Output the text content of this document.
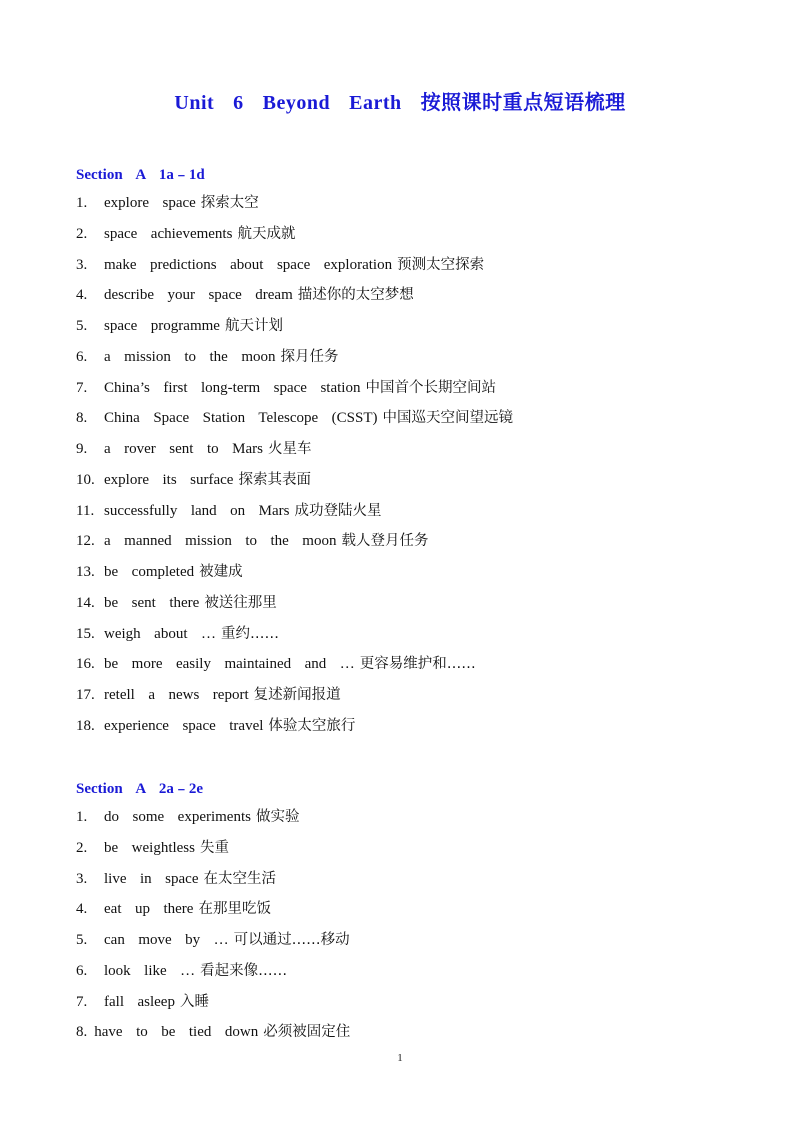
Unit  6  Beyond  Earth  按照课时重点短语梳理
Section  A  1a﹣1d
1. explore  space 探索太空
2. space  achievements 航天成就
3. make  predictions  about  space  exploration 预测太空探索
4. describe  your  space  dream 描述你的太空梦想
5. space  programme 航天计划
6. a  mission  to  the  moon 探月任务
7. China’s  first  long-term  space  station 中国首个长期空间站
8. China  Space  Station  Telescope  (CSST) 中国巡天空间望远镜
9. a  rover  sent  to  Mars 火星车
10. explore  its  surface 探索其表面
11. successfully  land  on  Mars 成功登陆火星
12. a  manned  mission  to  the  moon 载人登月任务
13. be  completed 被建成
14. be  sent  there 被送往那里
15. weigh  about  … 重约……
16. be  more  easily  maintained  and  … 更容易维护和……
17. retell  a  news  report 复述新闻报道
18. experience  space  travel 体验太空旅行
Section  A  2a﹣2e
1. do  some  experiments 做实验
2. be  weightless 失重
3. live  in  space 在太空生活
4. eat  up  there 在那里吃饭
5. can  move  by  … 可以通过……移动
6. look  like  … 看起来像……
7. fall  asleep 入睡
8. have  to  be  tied  down 必须被固定住
1
